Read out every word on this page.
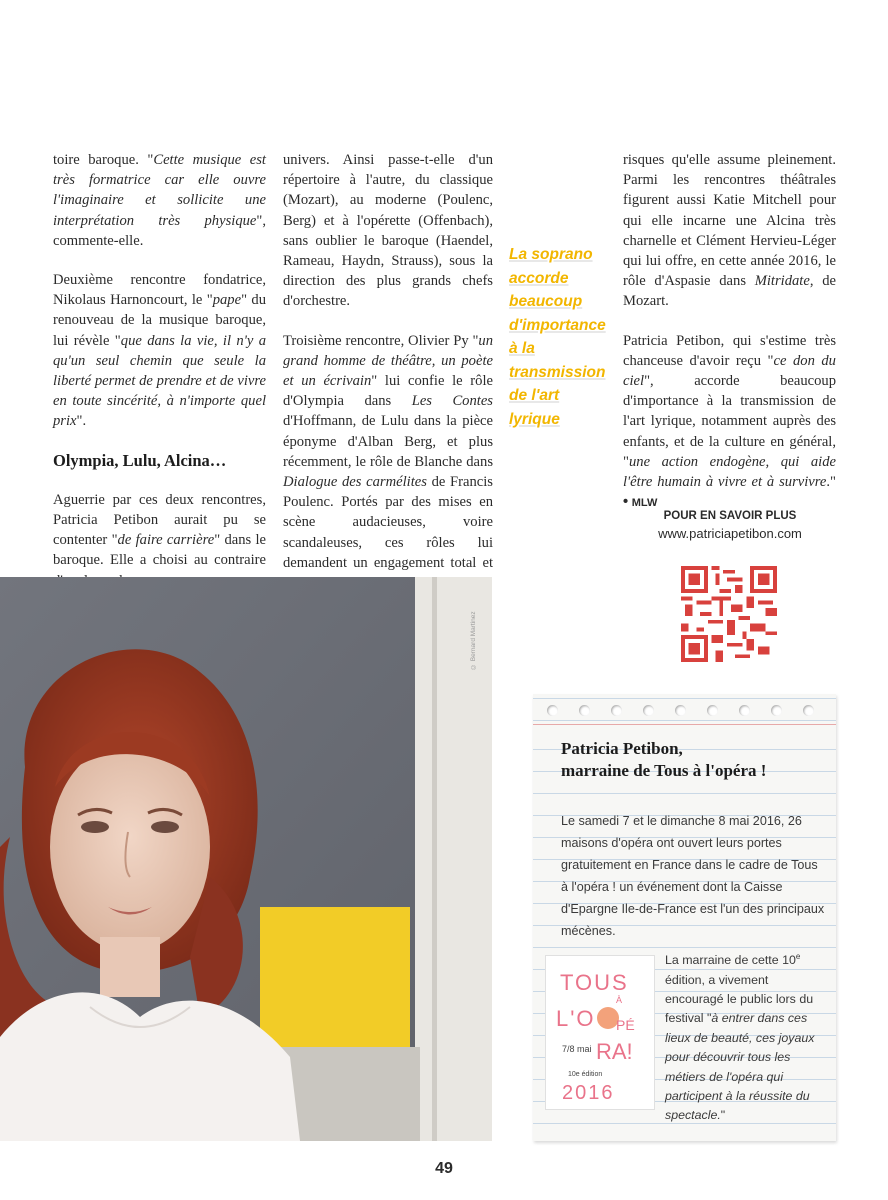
toire baroque. "Cette musique est très formatrice car elle ouvre l'imaginaire et sollicite une interprétation très physique", commente-elle.

Deuxième rencontre fondatrice, Nikolaus Harnoncourt, le "pape" du renouveau de la musique baroque, lui révèle "que dans la vie, il n'y a qu'un seul chemin que seule la liberté permet de prendre et de vivre en toute sincérité, à n'importe quel prix".

Olympia, Lulu, Alcina…

Aguerrie par ces deux rencontres, Patricia Petibon aurait pu se contenter "de faire carrière" dans le baroque. Elle a choisi au contraire

univers. Ainsi passe-t-elle d'un répertoire à l'autre, du classique (Mozart), au moderne (Poulenc, Berg) et à l'opérette (Offenbach), sans oublier le baroque (Haendel, Rameau, Haydn, Strauss), sous la direction des plus grands chefs d'orchestre.

Troisième rencontre, Olivier Py "un grand homme de théâtre, un poète et un écrivain" lui confie le rôle d'Olympia dans Les Contes d'Hoffmann, de Lulu dans la pièce éponyme d'Alban Berg, et plus récemment, le rôle de Blanche dans Dialogue des carmélites de Francis Poulenc. Portés par des mises en scène audacieuses, voire scandaleuses, ces rôles lui demandent un engagement total et

La soprano
accorde
beaucoup
d'importance
à la
transmission
de l'art
lyrique

risques qu'elle assume pleinement. Parmi les rencontres théâtrales figurent aussi Katie Mitchell pour qui elle incarne une Alcina très charnelle et Clément Hervieu-Léger qui lui offre, en cette année 2016, le rôle d'Aspasie dans Mitridate, de Mozart.

Patricia Petibon, qui s'estime très chanceuse d'avoir reçu "ce don du ciel", accorde beaucoup d'importance à la transmission de l'art lyrique, notamment auprès des enfants, et de la culture en général, "une action endogène, qui aide l'être humain à vivre et à survivre." • MLW

POUR EN SAVOIR PLUS
www.patriciapetibon.com
© Bernard Martinez
Patricia Petibon,
marraine de Tous à l'opéra !

Le samedi 7 et le dimanche 8 mai 2016, 26 maisons d'opéra ont ouvert leurs portes gratuitement en France dans le cadre de Tous à l'opéra ! un événement dont la Caisse d'Epargne Ile-de-France est l'un des principaux mécènes.

TOUS
À
L'O PÉ
RA!
7/8 mai
10e édition
2016

La marraine de cette 10e édition, a vivement encouragé le public lors du festival "à entrer dans ces lieux de beauté, ces joyaux pour découvrir tous les métiers de l'opéra qui participent à la réussite du spectacle."

49
